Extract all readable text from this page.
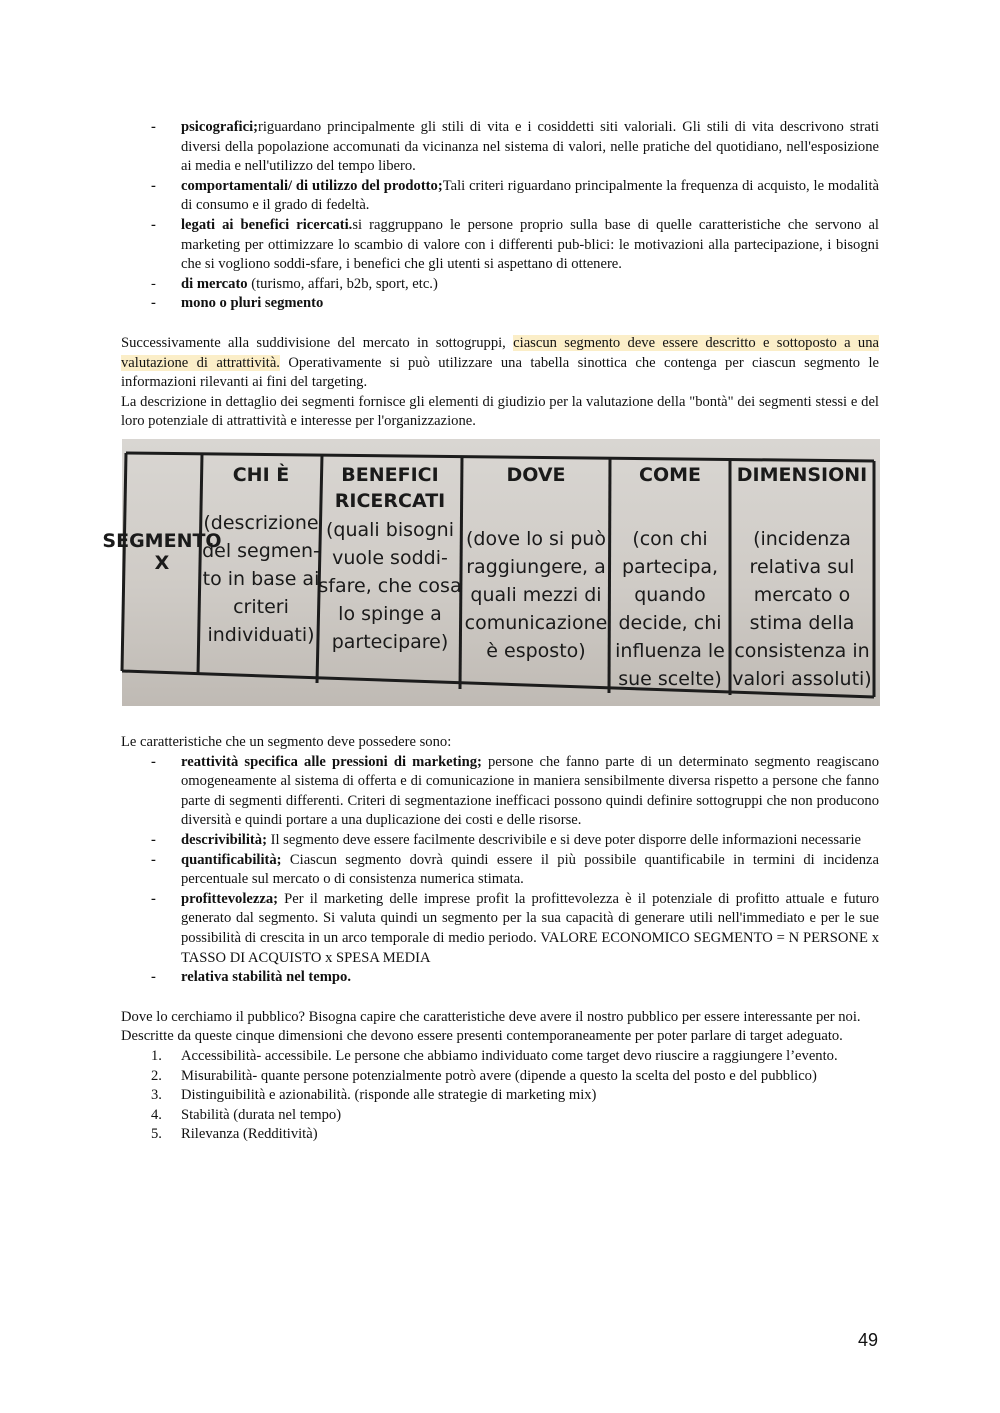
- psicografici;riguardano principalmente gli stili di vita e i cosiddetti siti valoriali. Gli stili di vita descrivono strati diversi della popolazione accomunati da vicinanza nel sistema di valori, nelle pratiche del quotidiano, nell'esposizione ai media e nell'utilizzo del tempo libero.
- comportamentali/ di utilizzo del prodotto;Tali criteri riguardano principalmente la frequenza di acquisto, le modalità di consumo e il grado di fedeltà.
- legati ai benefici ricercati.si raggruppano le persone proprio sulla base di quelle caratteristiche che servono al marketing per ottimizzare lo scambio di valore con i differenti pub-blici: le motivazioni alla partecipazione, i bisogni che si vogliono soddi-sfare, i benefici che gli utenti si aspettano di ottenere.
- di mercato (turismo, affari, b2b, sport, etc.)
- mono o pluri segmento

Successivamente alla suddivisione del mercato in sottogruppi, ciascun segmento deve essere descritto e sottoposto a una valutazione di attrattività. Operativamente si può utilizzare una tabella sinottica che contenga per ciascun segmento le informazioni rilevanti ai fini del targeting.

La descrizione in dettaglio dei segmenti fornisce gli elementi di giudizio per la valutazione della "bontà" dei segmenti stessi e del loro potenziale di attrattività e interesse per l'organizzazione.

SEGMENTO
X
CHI È
(descrizione
del segmen-
to in base ai
criteri
individuati)
BENEFICI
RICERCATI
(quali bisogni
vuole soddi-
sfare, che cosa
lo spinge a
partecipare)
DOVE
(dove lo si può
raggiungere, a
quali mezzi di
comunicazione
è esposto)
COME
(con chi
partecipa,
quando
decide, chi
influenza le
sue scelte)
DIMENSIONI
(incidenza
relativa sul
mercato o
stima della
consistenza in
valori assoluti)

Le caratteristiche che un segmento deve possedere sono:

- reattività specifica alle pressioni di marketing; persone che fanno parte di un determinato segmento reagiscano omogeneamente al sistema di offerta e di comunicazione in maniera sensibilmente diversa rispetto a persone che fanno parte di segmenti differenti. Criteri di segmentazione inefficaci possono quindi definire sottogruppi che non producono diversità e quindi portare a una duplicazione dei costi e delle risorse.
- descrivibilità; Il segmento deve essere facilmente descrivibile e si deve poter disporre delle informazioni necessarie
- quantificabilità; Ciascun segmento dovrà quindi essere il più possibile quantificabile in termini di incidenza percentuale sul mercato o di consistenza numerica stimata.
- profittevolezza; Per il marketing delle imprese profit la profittevolezza è il potenziale di profitto attuale e futuro generato dal segmento. Si valuta quindi un segmento per la sua capacità di generare utili nell'immediato e per le sue possibilità di crescita in un arco temporale di medio periodo. VALORE ECONOMICO SEGMENTO = N PERSONE x TASSO DI ACQUISTO x SPESA MEDIA
- relativa stabilità nel tempo.

Dove lo cerchiamo il pubblico? Bisogna capire che caratteristiche deve avere il nostro pubblico per essere interessante per noi.

Descritte da queste cinque dimensioni che devono essere presenti contemporaneamente per poter parlare di target adeguato.

1. Accessibilità- accessibile. Le persone che abbiamo individuato come target devo riuscire a raggiungere l’evento.
2. Misurabilità- quante persone potenzialmente potrò avere (dipende a questo la scelta del posto e del pubblico)
3. Distinguibilità e azionabilità. (risponde alle strategie di marketing mix)
4. Stabilità (durata nel tempo)
5. Rilevanza (Redditività)
49
